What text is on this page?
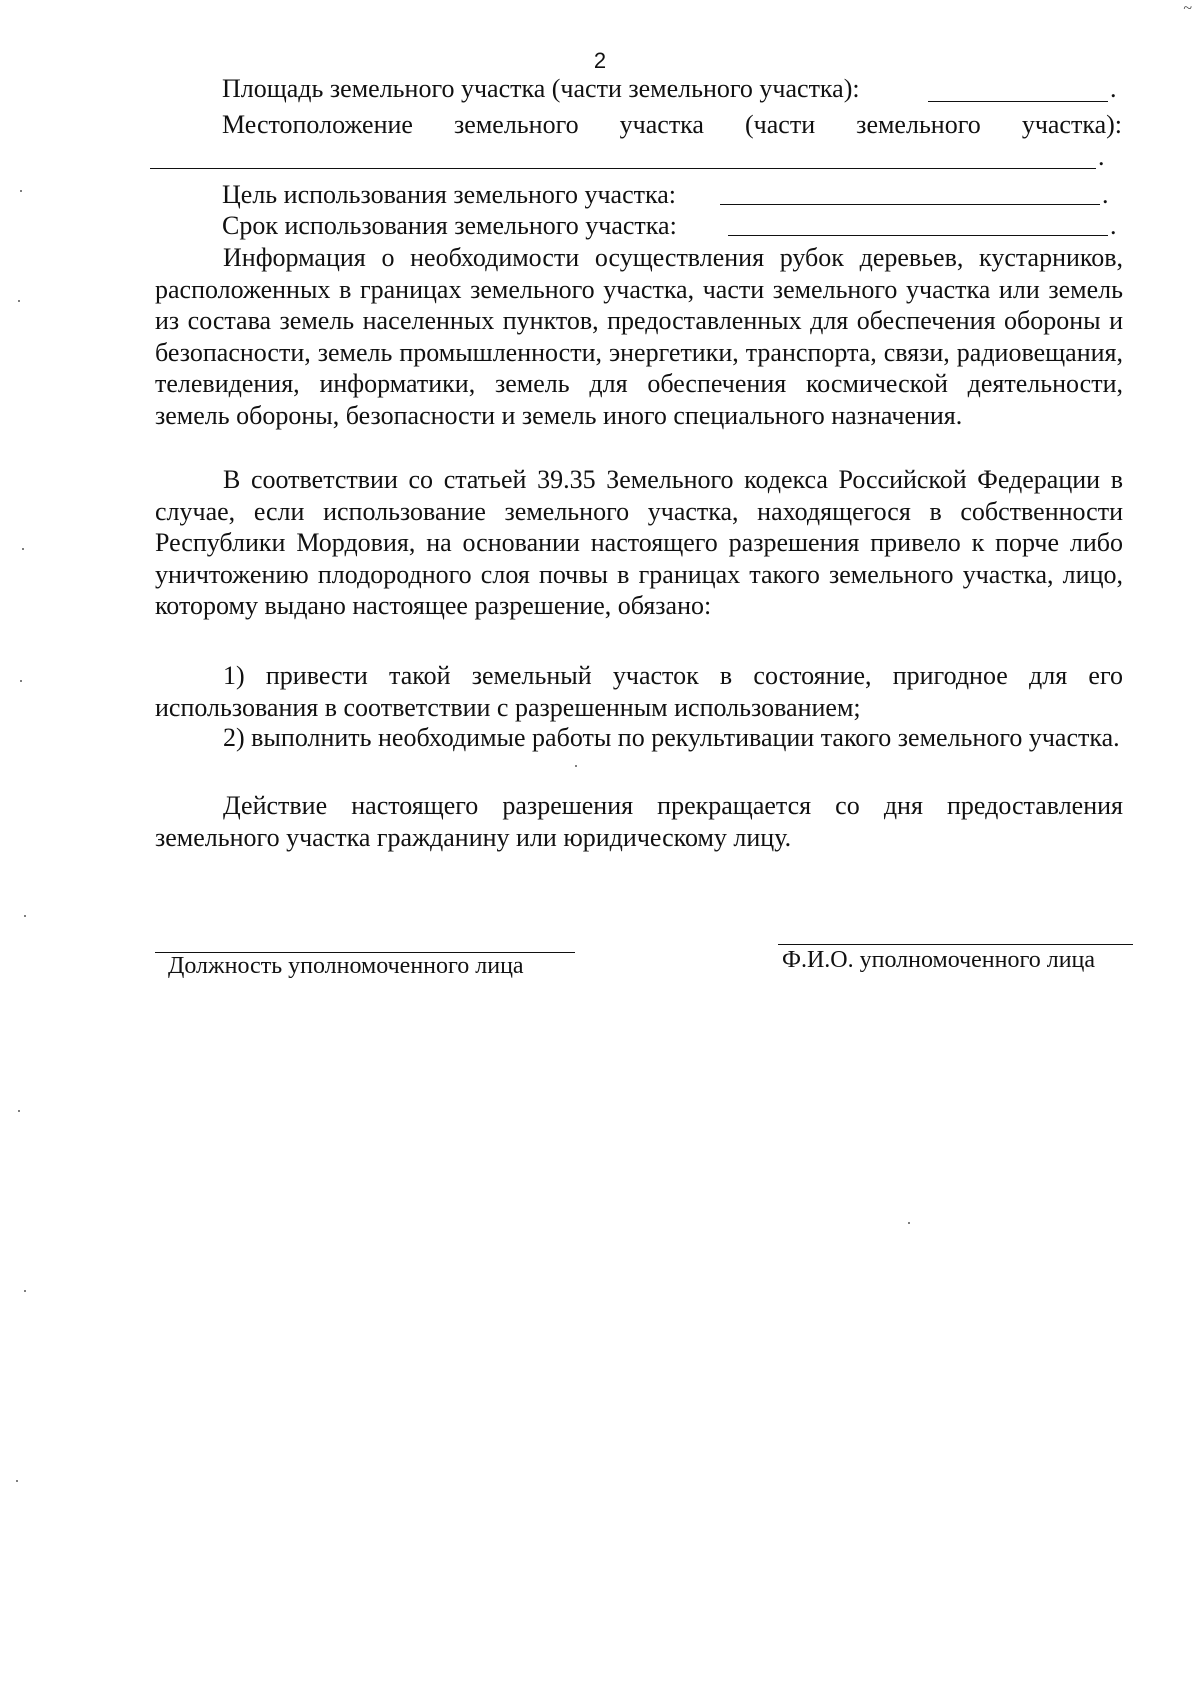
2
Площадь земельного участка (части земельного участка):	.
Местоположение земельного участка (части земельного участка):
.
Цель использования земельного участка:	.
Срок использования земельного участка:	.
Информация о необходимости осуществления рубок деревьев, кустарников, расположенных в границах земельного участка, части земельного участка или земель из состава земель населенных пунктов, предоставленных для обеспечения обороны и безопасности, земель промышленности, энергетики, транспорта, связи, радиовещания, телевидения, информатики, земель для обеспечения космической деятельности, земель обороны, безопасности и земель иного специального назначения.
В соответствии со статьей 39.35 Земельного кодекса Российской Федерации в случае, если использование земельного участка, находящегося в собственности Республики Мордовия, на основании настоящего разрешения привело к порче либо уничтожению плодородного слоя почвы в границах такого земельного участка, лицо, которому выдано настоящее разрешение, обязано:
1) привести такой земельный участок в состояние, пригодное для его использования в соответствии с разрешенным использованием;
2) выполнить необходимые работы по рекультивации такого земельного участка.
Действие настоящего разрешения прекращается со дня предоставления земельного участка гражданину или юридическому лицу.
Должность уполномоченного лица	Ф.И.О. уполномоченного лица
~
